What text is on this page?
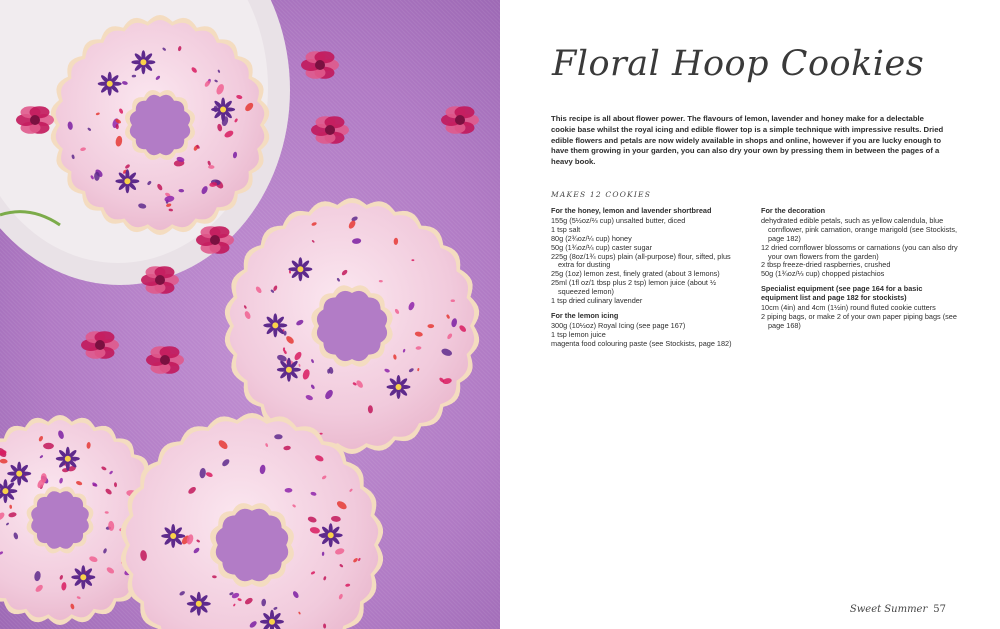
Floral Hoop Cookies
This recipe is all about flower power. The flavours of lemon, lavender and honey make for a delectable cookie base whilst the royal icing and edible flower top is a simple technique with impressive results. Dried edible flowers and petals are now widely available in shops and online, however if you are lucky enough to have them growing in your garden, you can also dry your own by pressing them in between the pages of a heavy book.
MAKES 12 COOKIES
For the honey, lemon and lavender shortbread
155g (5½oz/⅔ cup) unsalted butter, diced
1 tsp salt
80g (2¾oz/¼ cup) honey
50g (1¾oz/¼ cup) caster sugar
225g (8oz/1¾ cups) plain (all-purpose) flour, sifted, plus extra for dusting
25g (1oz) lemon zest, finely grated (about 3 lemons)
25ml (1fl oz/1 tbsp plus 2 tsp) lemon juice (about ½ squeezed lemon)
1 tsp dried culinary lavender
For the lemon icing
300g (10½oz) Royal Icing (see page 167)
1 tsp lemon juice
magenta food colouring paste (see Stockists, page 182)
For the decoration
dehydrated edible petals, such as yellow calendula, blue cornflower, pink carnation, orange marigold (see Stockists, page 182)
12 dried cornflower blossoms or carnations (you can also dry your own flowers from the garden)
2 tbsp freeze-dried raspberries, crushed
50g (1¾oz/⅓ cup) chopped pistachios
Specialist equipment (see page 164 for a basic equipment list and page 182 for stockists)
10cm (4in) and 4cm (1½in) round fluted cookie cutters
2 piping bags, or make 2 of your own paper piping bags (see page 168)
Sweet Summer 57
